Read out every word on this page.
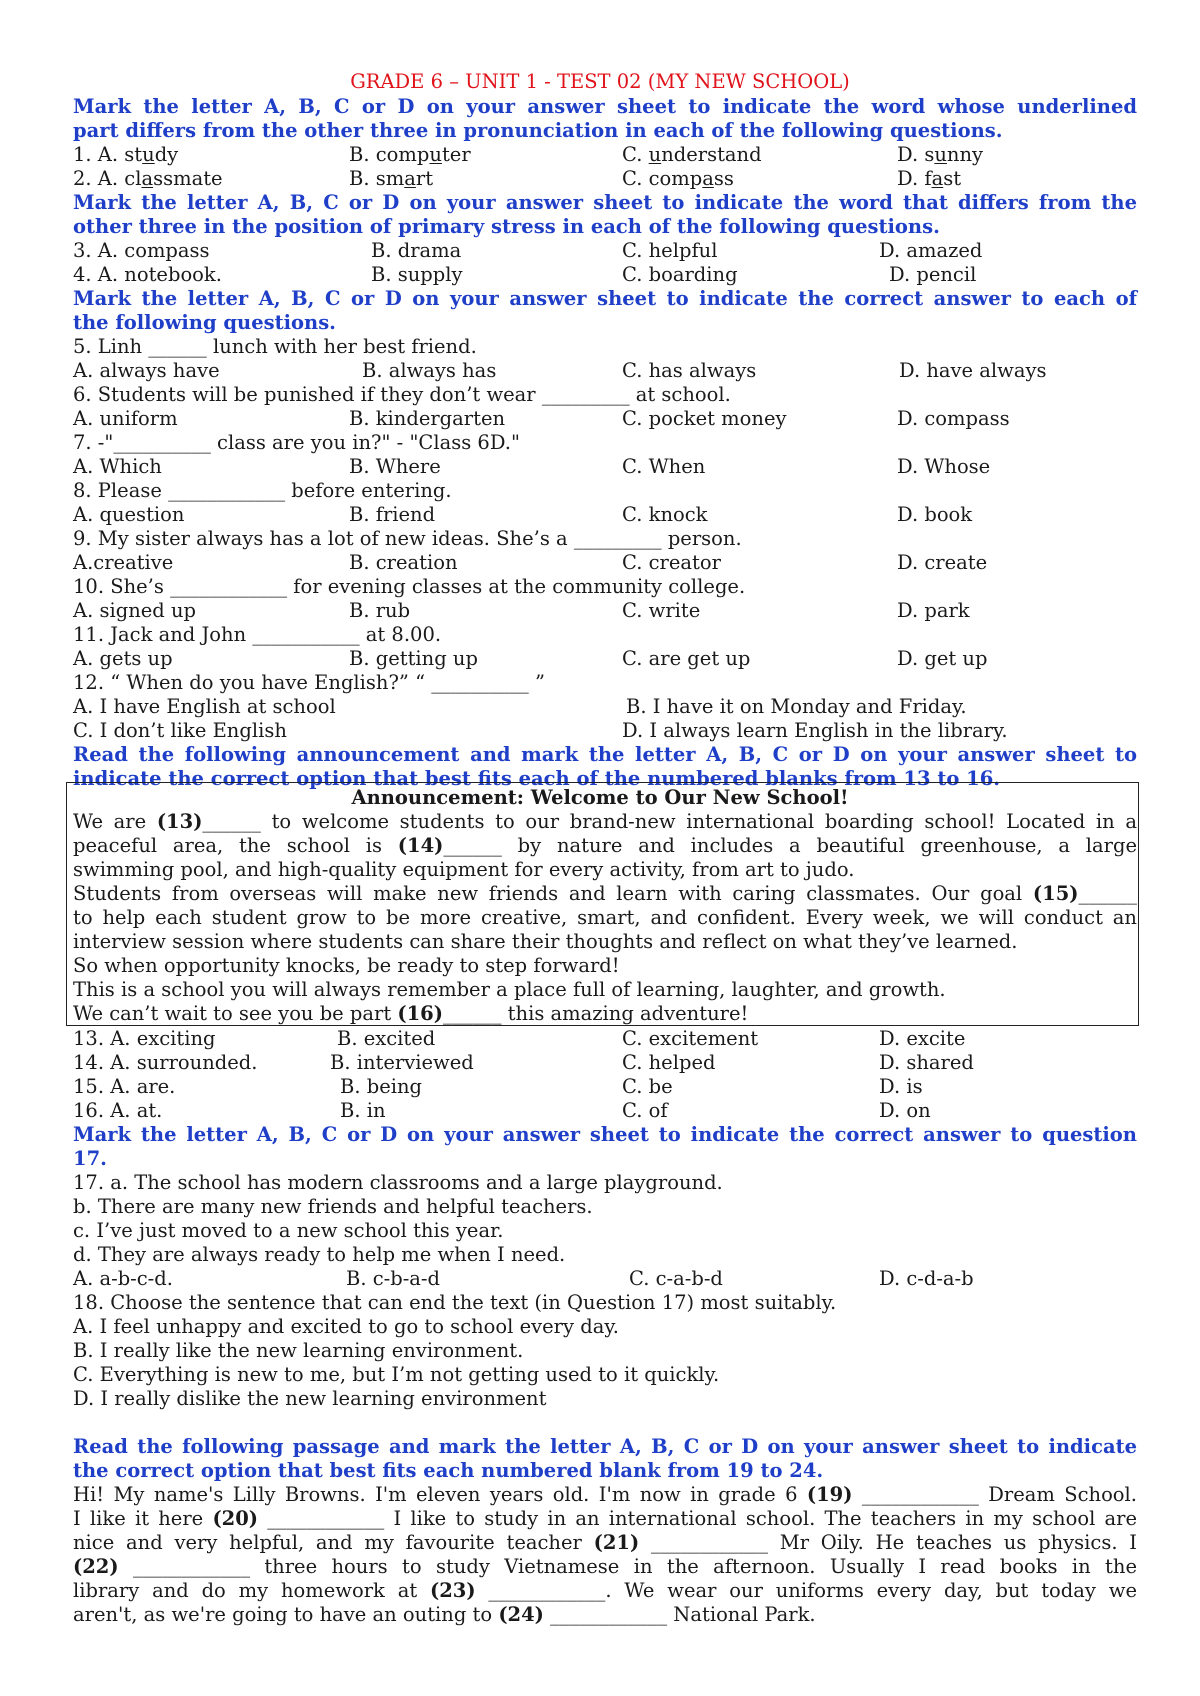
GRADE 6 – UNIT 1 - TEST 02 (MY NEW SCHOOL)
Mark the letter A, B, C or D on your answer sheet to indicate the word whose underlined
part differs from the other three in pronunciation in each of the following questions.
1. A. study	B. computer	C. understand	D. sunny
2. A. classmate	B. smart	C. compass	D. fast
Mark the letter A, B, C or D on your answer sheet to indicate the word that differs from the
other three in the position of primary stress in each of the following questions.
3. A. compass	B. drama	C. helpful	D. amazed
4. A. notebook.	B. supply	C. boarding	D. pencil
Mark the letter A, B, C or D on your answer sheet to indicate the correct answer to each of
the following questions.
5. Linh ______ lunch with her best friend.
A. always have	B. always has	C. has always	D. have always
6. Students will be punished if they don’t wear _________ at school.
A. uniform	B. kindergarten	C. pocket money	D. compass
7. -"__________ class are you in?" - "Class 6D."
A. Which	B. Where	C. When	D. Whose
8. Please ____________ before entering.
A. question	B. friend	C. knock	D. book
9. My sister always has a lot of new ideas. She’s a _________ person.
A.creative	B. creation	C. creator	D. create
10. She’s ____________ for evening classes at the community college.
A. signed up	B. rub	C. write	D. park
11. Jack and John ___________ at 8.00.
A. gets up	B. getting up	C. are get up	D. get up
12. “ When do you have English?” “ __________ ”
A. I have English at school	B. I have it on Monday and Friday.
C. I don’t like English	D. I always learn English in the library.
Read the following announcement and mark the letter A, B, C or D on your answer sheet to
indicate the correct option that best fits each of the numbered blanks from 13 to 16.
Announcement: Welcome to Our New School!
We are (13)______ to welcome students to our brand-new international boarding school! Located in a
peaceful area, the school is (14)______ by nature and includes a beautiful greenhouse, a large
swimming pool, and high-quality equipment for every activity, from art to judo.
Students from overseas will make new friends and learn with caring classmates. Our goal (15)______
to help each student grow to be more creative, smart, and confident. Every week, we will conduct an
interview session where students can share their thoughts and reflect on what they’ve learned.
So when opportunity knocks, be ready to step forward!
This is a school you will always remember a place full of learning, laughter, and growth.
We can’t wait to see you be part (16)______ this amazing adventure!
13. A. exciting	B. excited	C. excitement	D. excite
14. A. surrounded.	B. interviewed	C. helped	D. shared
15. A. are.	B. being	C. be	D. is
16. A. at.	B. in	C. of	D. on
Mark the letter A, B, C or D on your answer sheet to indicate the correct answer to question
17.
17. a. The school has modern classrooms and a large playground.
b. There are many new friends and helpful teachers.
c. I’ve just moved to a new school this year.
d. They are always ready to help me when I need.
A. a-b-c-d.	B. c-b-a-d	C. c-a-b-d	D. c-d-a-b
18. Choose the sentence that can end the text (in Question 17) most suitably.
A. I feel unhappy and excited to go to school every day.
B. I really like the new learning environment.
C. Everything is new to me, but I’m not getting used to it quickly.
D. I really dislike the new learning environment
Read the following passage and mark the letter A, B, C or D on your answer sheet to indicate
the correct option that best fits each numbered blank from 19 to 24.
Hi! My name's Lilly Browns. I'm eleven years old. I'm now in grade 6 (19) ____________ Dream School.
I like it here (20) ____________ I like to study in an international school. The teachers in my school are
nice and very helpful, and my favourite teacher (21) ____________ Mr Oily. He teaches us physics. I
(22) ____________ three hours to study Vietnamese in the afternoon. Usually I read books in the
library and do my homework at (23) ____________. We wear our uniforms every day, but today we
aren't, as we're going to have an outing to (24) ____________ National Park.
